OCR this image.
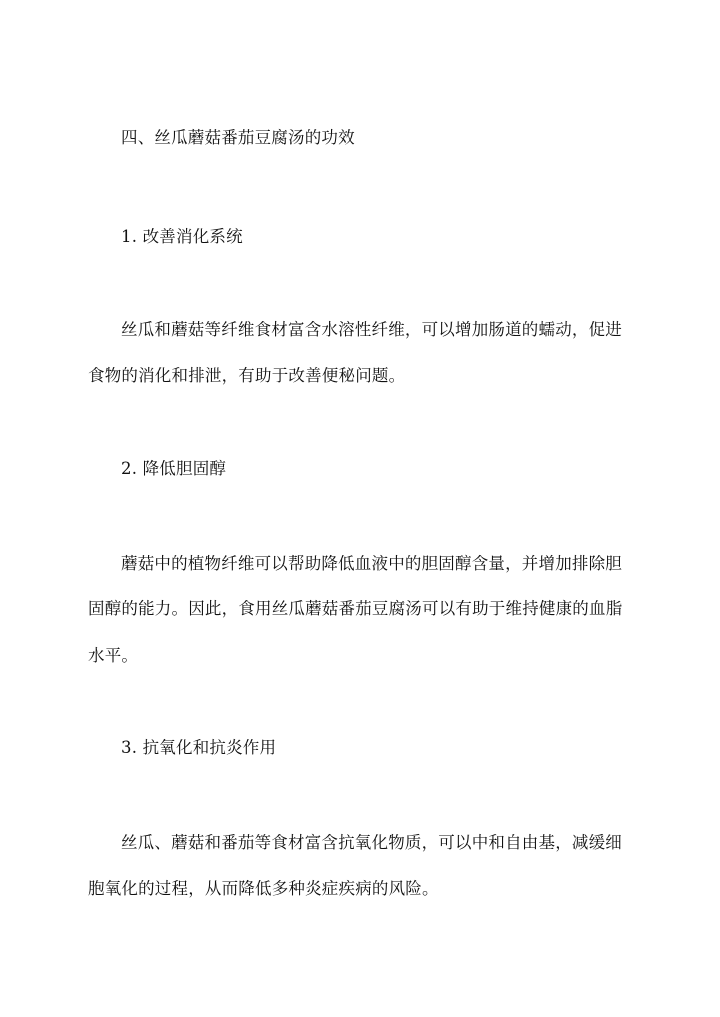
四、丝瓜蘑菇番茄豆腐汤的功效
1. 改善消化系统
丝瓜和蘑菇等纤维食材富含水溶性纤维，可以增加肠道的蠕动，促进
食物的消化和排泄，有助于改善便秘问题。
2. 降低胆固醇
蘑菇中的植物纤维可以帮助降低血液中的胆固醇含量，并增加排除胆
固醇的能力。因此，食用丝瓜蘑菇番茄豆腐汤可以有助于维持健康的血脂
水平。
3. 抗氧化和抗炎作用
丝瓜、蘑菇和番茄等食材富含抗氧化物质，可以中和自由基，减缓细
胞氧化的过程，从而降低多种炎症疾病的风险。
